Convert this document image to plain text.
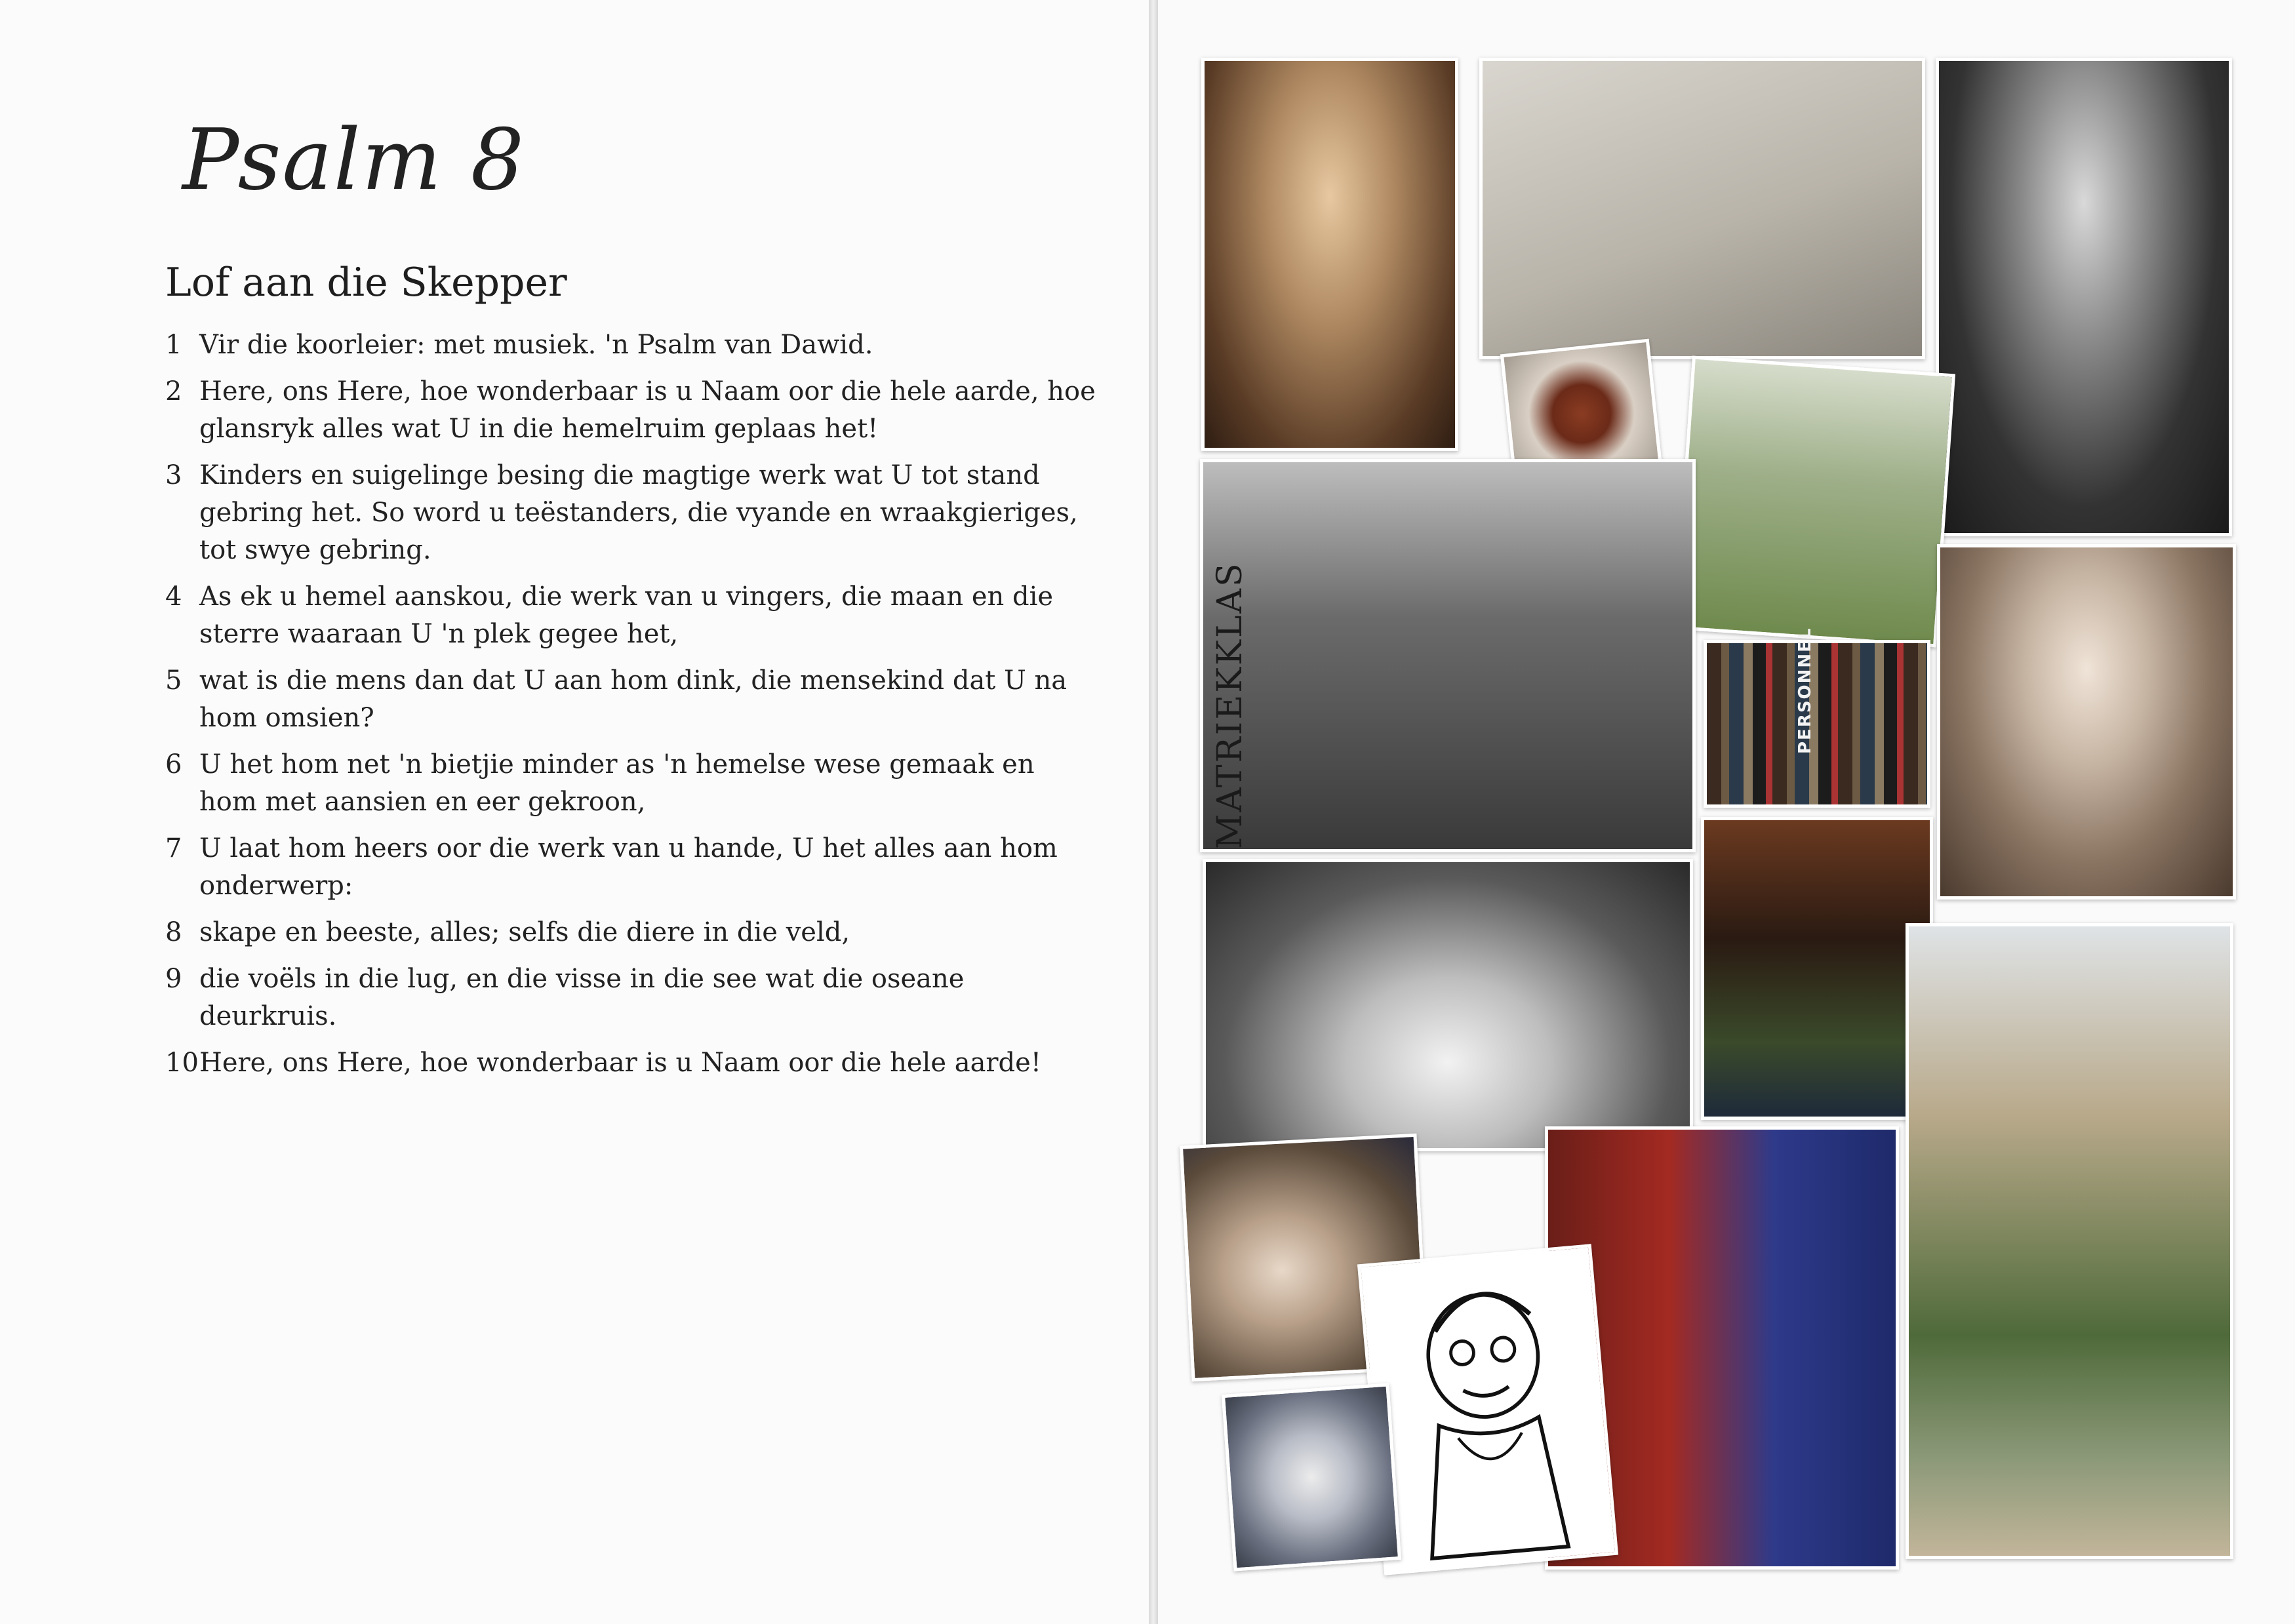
Psalm 8
Lof aan die Skepper
1 Vir die koorleier: met musiek. 'n Psalm van Dawid.
2 Here, ons Here, hoe wonderbaar is u Naam oor die hele aarde, hoe glansryk alles wat U in die hemelruim geplaas het!
3 Kinders en suigelinge besing die magtige werk wat U tot stand gebring het. So word u teëstanders, die vyande en wraakgieriges, tot swye gebring.
4 As ek u hemel aanskou, die werk van u vingers, die maan en die sterre waaraan U 'n plek gegee het,
5 wat is die mens dan dat U aan hom dink, die mensekind dat U na hom omsien?
6 U het hom net 'n bietjie minder as 'n hemelse wese gemaak en hom met aansien en eer gekroon,
7 U laat hom heers oor die werk van u hande, U het alles aan hom onderwerp:
8 skape en beeste, alles; selfs die diere in die veld,
9 die voëls in die lug, en die visse in die see wat die oseane deurkruis.
10 Here, ons Here, hoe wonderbaar is u Naam oor die hele aarde!
MATRIEKKLAS	PERSONNEL
